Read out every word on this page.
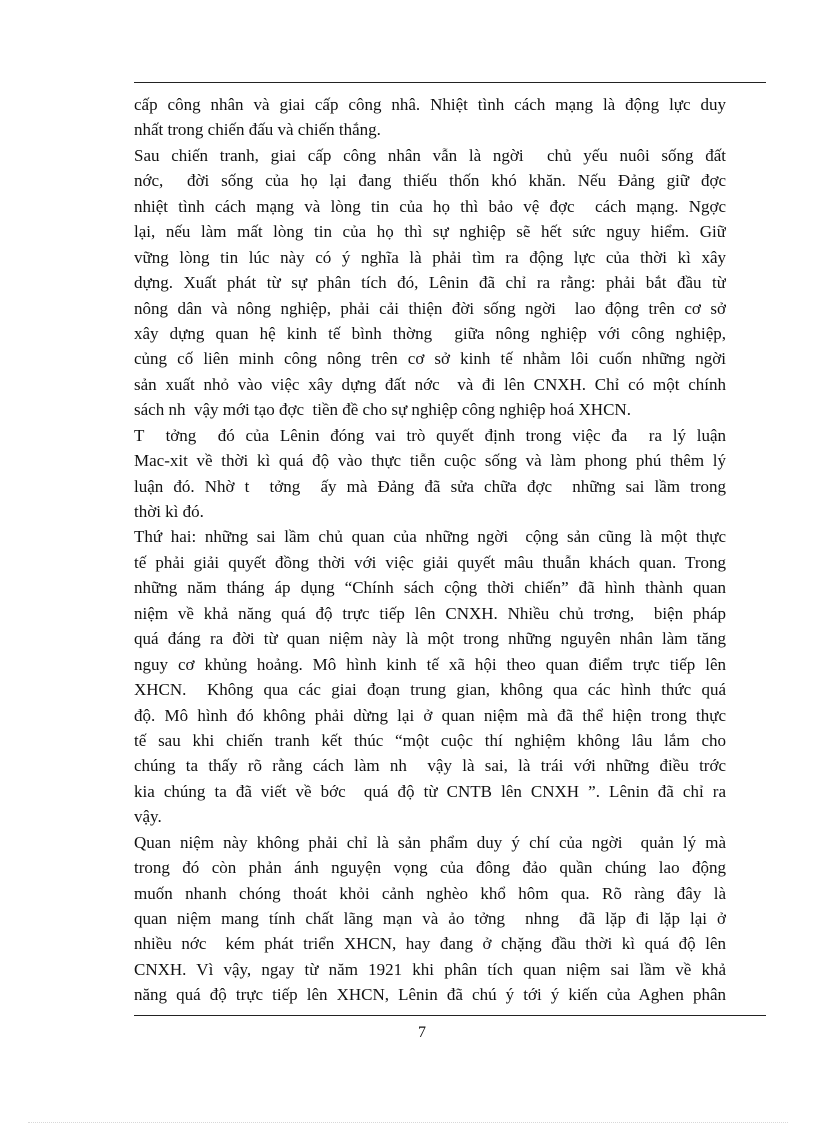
cấp công nhân và giai cấp công nhâ. Nhiệt tình cách mạng là động lực duy
nhất trong chiến đấu và chiến thắng.
Sau chiến tranh, giai cấp công nhân vẫn là ngời  chủ yếu nuôi sống đất
nớc,  đời sống của họ lại đang thiếu thốn khó khăn. Nếu Đảng giữ đợc
nhiệt tình cách mạng và lòng tin của họ thì bảo vệ đợc  cách mạng. Ngợc
lại, nếu làm mất lòng tin của họ thì sự nghiệp sẽ hết sức nguy hiểm. Giữ
vững lòng tin lúc này có ý nghĩa là phải tìm ra động lực của thời kì xây
dựng. Xuất phát từ sự phân tích đó, Lênin đã chỉ ra rằng: phải bắt đầu từ
nông dân và nông nghiệp, phải cải thiện đời sống ngời  lao động trên cơ sở
xây dựng quan hệ kinh tế bình thờng  giữa nông nghiệp với công nghiệp,
củng cố liên minh công nông trên cơ sở kinh tế nhằm lôi cuốn những ngời
sản xuất nhỏ vào việc xây dựng đất nớc  và đi lên CNXH. Chỉ có một chính
sách nh  vậy mới tạo đợc  tiền đề cho sự nghiệp công nghiệp hoá XHCN.
T  tởng  đó của Lênin đóng vai trò quyết định trong việc đa  ra lý luận
Mac-xit về thời kì quá độ vào thực tiễn cuộc sống và làm phong phú thêm lý
luận đó. Nhờ t  tởng  ấy mà Đảng đã sửa chữa đợc  những sai lầm trong
thời kì đó.
Thứ hai: những sai lầm chủ quan của những ngời  cộng sản cũng là một thực
tế phải giải quyết đồng thời với việc giải quyết mâu thuẫn khách quan. Trong
những năm tháng áp dụng “Chính sách cộng thời chiến” đã hình thành quan
niệm về khả năng quá độ trực tiếp lên CNXH. Nhiều chủ trơng,  biện pháp
quá đáng ra đời từ quan niệm này là một trong những nguyên nhân làm tăng
nguy cơ khủng hoảng. Mô hình kinh tế xã hội theo quan điểm trực tiếp lên
XHCN.  Không qua các giai đoạn trung gian, không qua các hình thức quá
độ. Mô hình đó không phải dừng lại ở quan niệm mà đã thể hiện trong thực
tế sau khi chiến tranh kết thúc “một cuộc thí nghiệm không lâu lắm cho
chúng ta thấy rõ rằng cách làm nh  vậy là sai, là trái với những điều trớc
kia chúng ta đã viết về bớc  quá độ từ CNTB lên CNXH ”. Lênin đã chỉ ra
vậy.
Quan niệm này không phải chỉ là sản phẩm duy ý chí của ngời  quản lý mà
trong đó còn phản ánh nguyện vọng của đông đảo quần chúng lao động
muốn nhanh chóng thoát khỏi cảnh nghèo khổ hôm qua. Rõ ràng đây là
quan niệm mang tính chất lãng mạn và ảo tởng  nhng  đã lặp đi lặp lại ở
nhiều nớc  kém phát triển XHCN, hay đang ở chặng đầu thời kì quá độ lên
CNXH. Vì vậy, ngay từ năm 1921 khi phân tích quan niệm sai lầm về khả
năng quá độ trực tiếp lên XHCN, Lênin đã chú ý tới ý kiến của Aghen phân
7
